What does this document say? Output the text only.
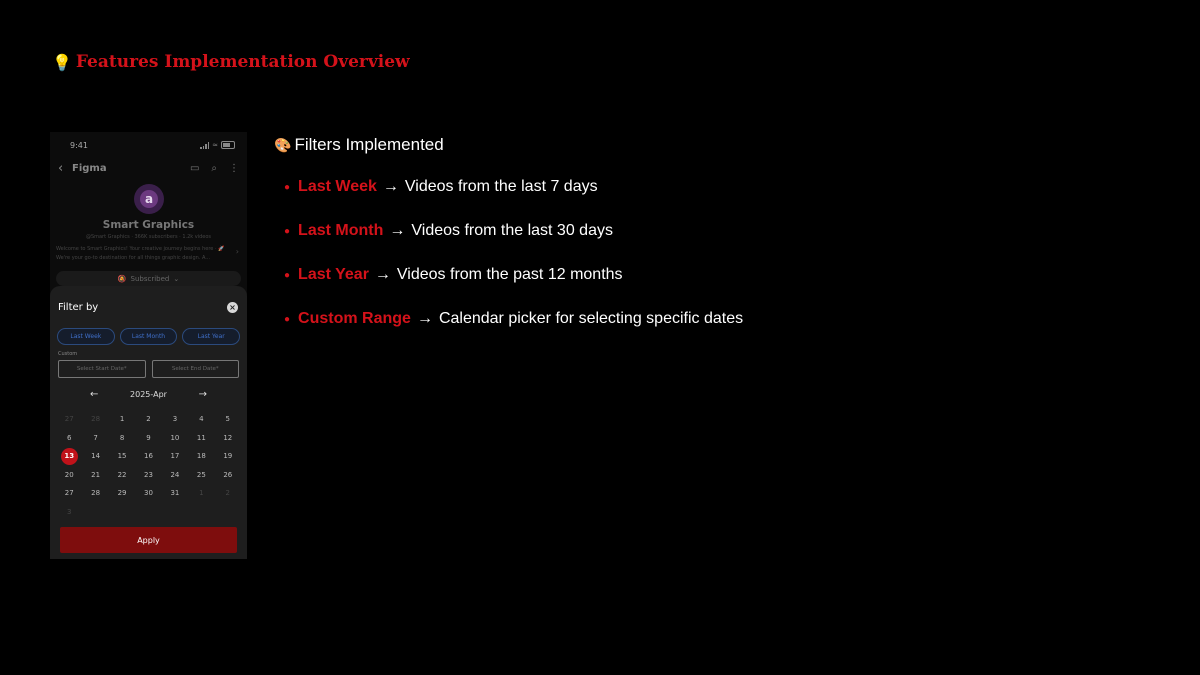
💡 Features Implementation Overview
9:41	≈
‹ Figma	▭ ⌕ ⋮
a
Smart Graphics
@Smart Graphics · 366K subscribers · 1.2k videos
Welcome to Smart Graphics! Your creative journey begins here · 🚀 We're your go-to destination for all things graphic design. A...
›
🔕 Subscribed ⌄
Filter by	×
Last Week	Last Month	Last Year
Custom
Select Start Date*	Select End Date*
←	2025-Apr	→
27	28	1	2	3	4	5
6	7	8	9	10	11	12
13	14	15	16	17	18	19
20	21	22	23	24	25	26
27	28	29	30	31	1	2
3
Apply
🎨 Filters Implemented
● Last Week → Videos from the last 7 days
● Last Month → Videos from the last 30 days
● Last Year → Videos from the past 12 months
● Custom Range → Calendar picker for selecting specific dates
